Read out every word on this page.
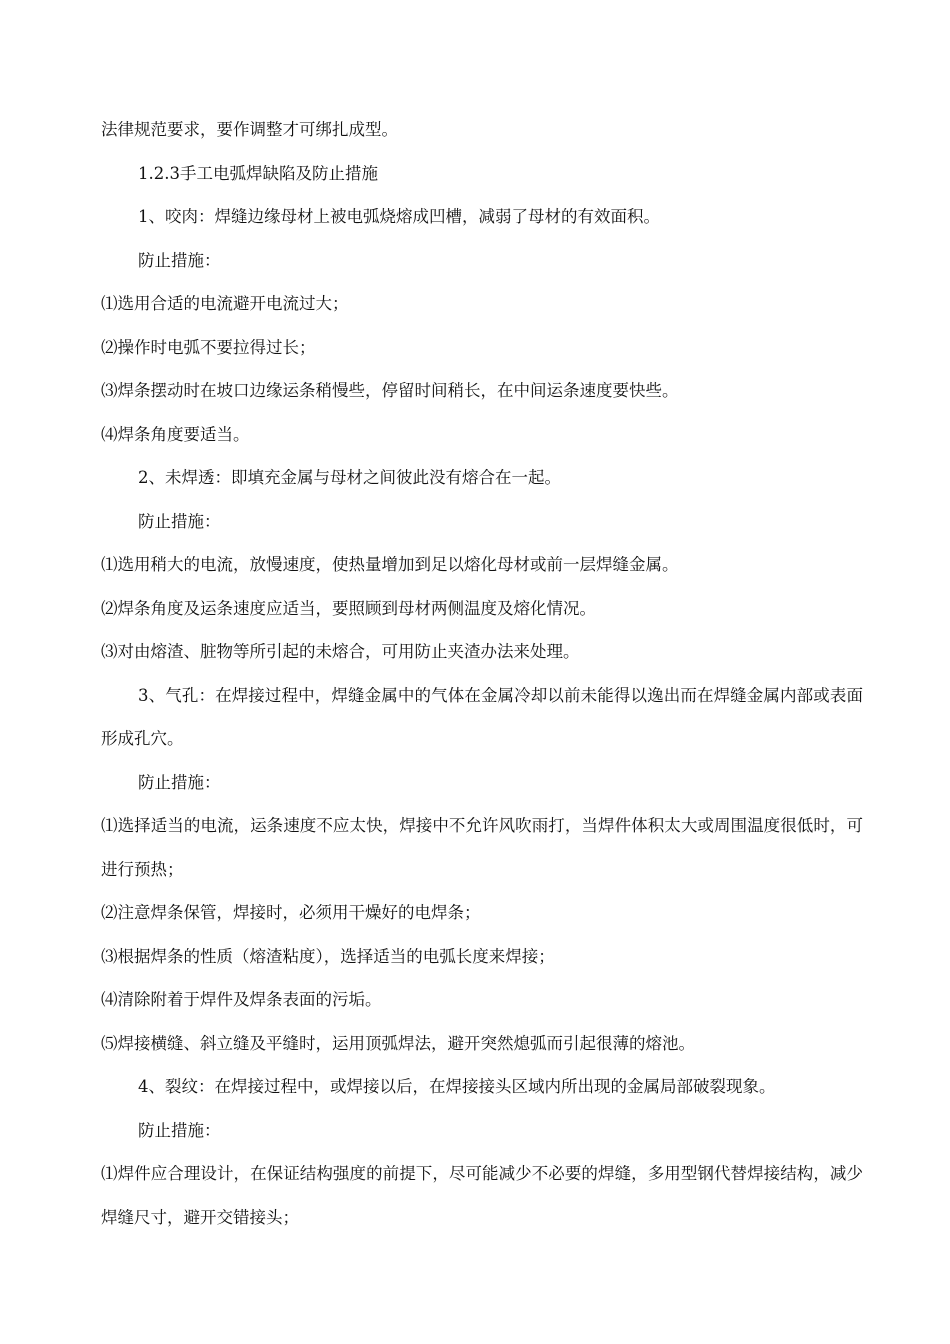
法律规范要求，要作调整才可绑扎成型。

1.2.3手工电弧焊缺陷及防止措施

1、咬肉：焊缝边缘母材上被电弧烧熔成凹槽，减弱了母材的有效面积。

防止措施：

⑴选用合适的电流避开电流过大；

⑵操作时电弧不要拉得过长；

⑶焊条摆动时在坡口边缘运条稍慢些，停留时间稍长，在中间运条速度要快些。

⑷焊条角度要适当。

2、未焊透：即填充金属与母材之间彼此没有熔合在一起。

防止措施：

⑴选用稍大的电流，放慢速度，使热量增加到足以熔化母材或前一层焊缝金属。

⑵焊条角度及运条速度应适当，要照顾到母材两侧温度及熔化情况。

⑶对由熔渣、脏物等所引起的未熔合，可用防止夹渣办法来处理。

3、气孔：在焊接过程中，焊缝金属中的气体在金属冷却以前未能得以逸出而在焊缝金属内部或表面形成孔穴。

防止措施：

⑴选择适当的电流，运条速度不应太快，焊接中不允许风吹雨打，当焊件体积太大或周围温度很低时，可进行预热；

⑵注意焊条保管，焊接时，必须用干燥好的电焊条；

⑶根据焊条的性质（熔渣粘度），选择适当的电弧长度来焊接；

⑷清除附着于焊件及焊条表面的污垢。

⑸焊接横缝、斜立缝及平缝时，运用顶弧焊法，避开突然熄弧而引起很薄的熔池。

4、裂纹：在焊接过程中，或焊接以后，在焊接接头区域内所出现的金属局部破裂现象。

防止措施：

⑴焊件应合理设计，在保证结构强度的前提下，尽可能减少不必要的焊缝，多用型钢代替焊接结构，减少焊缝尺寸，避开交错接头；
